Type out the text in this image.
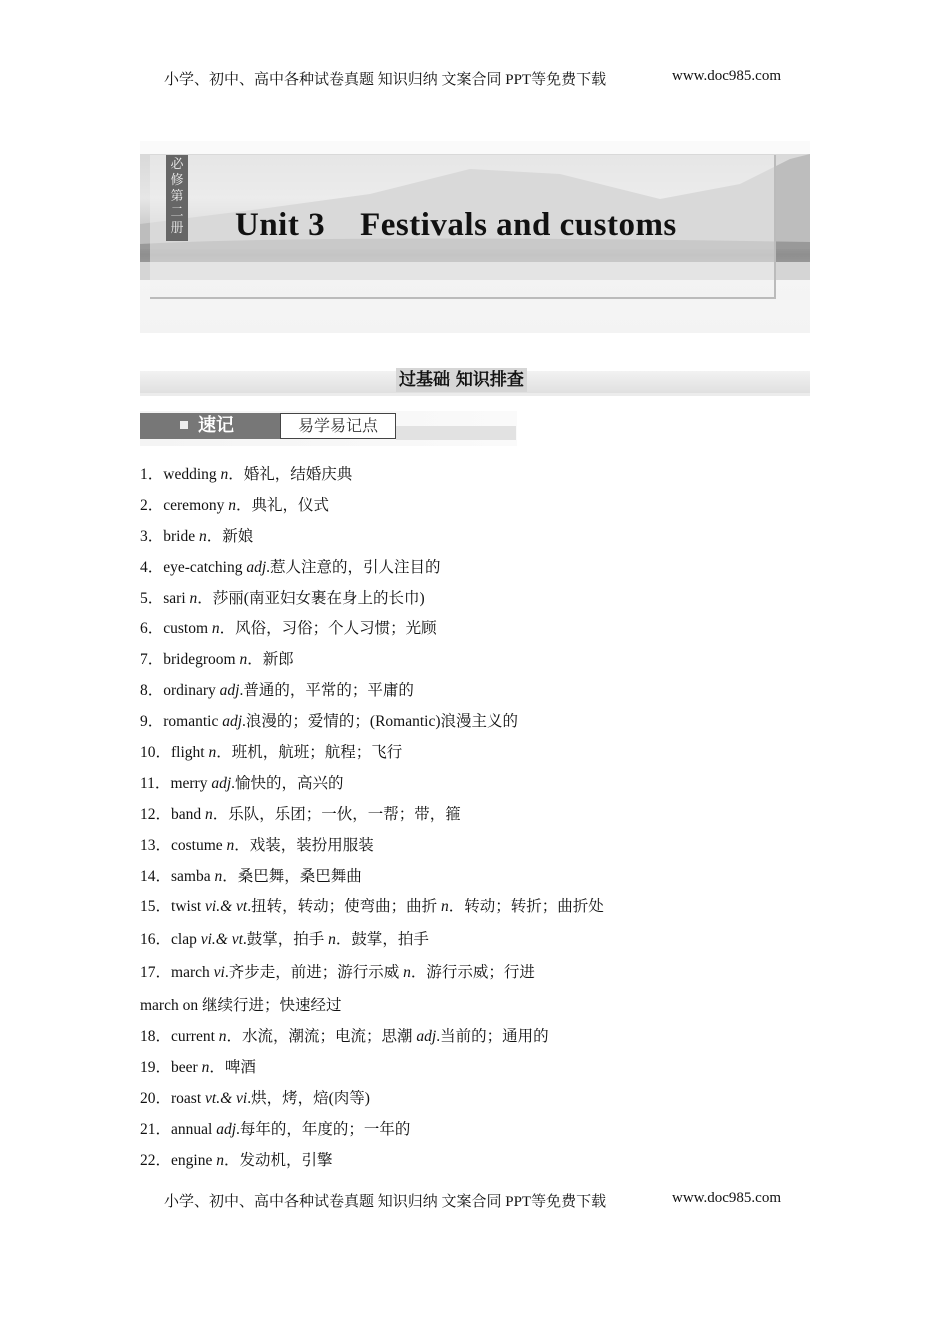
小学、初中、高中各种试卷真题 知识归纳 文案合同 PPT等免费下载	www.doc985.com
必修第二册 Unit 3    Festivals and customs
过基础 知识排查
速记	易学易记点
1．wedding n．婚礼，结婚庆典
2．ceremony n．典礼，仪式
3．bride n．新娘
4．eye-catching adj.惹人注意的，引人注目的
5．sari n．莎丽(南亚妇女裹在身上的长巾)
6．custom n．风俗，习俗；个人习惯；光顾
7．bridegroom n．新郎
8．ordinary adj.普通的，平常的；平庸的
9．romantic adj.浪漫的；爱情的；(Romantic)浪漫主义的
10．flight n．班机，航班；航程；飞行
11．merry adj.愉快的，高兴的
12．band n．乐队，乐团；一伙，一帮；带，箍
13．costume n．戏装，装扮用服装
14．samba n．桑巴舞，桑巴舞曲
15．twist vi.& vt.扭转，转动；使弯曲；曲折 n．转动；转折；曲折处
16．clap vi.& vt.鼓掌，拍手 n．鼓掌，拍手
17．march vi.齐步走，前进；游行示威 n．游行示威；行进
march on 继续行进；快速经过
18．current n．水流，潮流；电流；思潮 adj.当前的；通用的
19．beer n．啤酒
20．roast vt.& vi.烘，烤，焙(肉等)
21．annual adj.每年的，年度的；一年的
22．engine n．发动机，引擎
小学、初中、高中各种试卷真题 知识归纳 文案合同 PPT等免费下载	www.doc985.com
